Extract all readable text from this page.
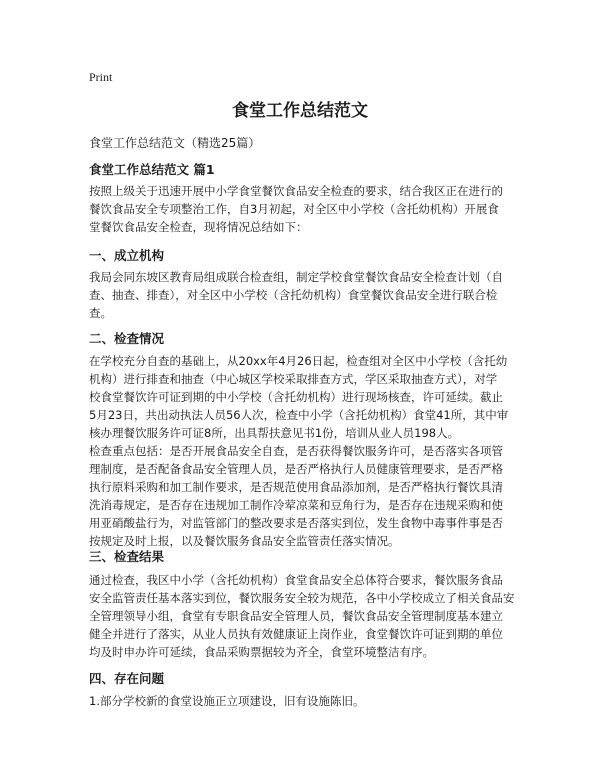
Print
食堂工作总结范文

食堂工作总结范文（精选25篇）

食堂工作总结范文 篇1

按照上级关于迅速开展中小学食堂餐饮食品安全检查的要求，结合我区正在进行的
餐饮食品安全专项整治工作，自3月初起，对全区中小学校（含托幼机构）开展食
堂餐饮食品安全检查，现将情况总结如下：

一、成立机构

我局会同东坡区教育局组成联合检查组，制定学校食堂餐饮食品安全检查计划（自
查、抽查、排查），对全区中小学校（含托幼机构）食堂餐饮食品安全进行联合检
查。

二、检查情况

在学校充分自查的基础上，从20xx年4月26日起，检查组对全区中小学校（含托幼
机构）进行排查和抽查（中心城区学校采取排查方式，学区采取抽查方式），对学
校食堂餐饮许可证到期的中小学校（含托幼机构）进行现场核查，许可延续。截止
5月23日，共出动执法人员56人次，检查中小学（含托幼机构）食堂41所，其中审
核办理餐饮服务许可证8所，出具帮扶意见书1份，培训从业人员198人。

检查重点包括：是否开展食品安全自查，是否获得餐饮服务许可，是否落实各项管
理制度，是否配备食品安全管理人员，是否严格执行人员健康管理要求，是否严格
执行原料采购和加工制作要求，是否规范使用食品添加剂，是否严格执行餐饮具清
洗消毒规定，是否存在违规加工制作冷荤凉菜和豆角行为，是否存在违规采购和使
用亚硝酸盐行为，对监管部门的整改要求是否落实到位，发生食物中毒事件事是否
按规定及时上报，以及餐饮服务食品安全监管责任落实情况。

三、检查结果

通过检查，我区中小学（含托幼机构）食堂食品安全总体符合要求，餐饮服务食品
安全监管责任基本落实到位，餐饮服务安全较为规范，各中小学校成立了相关食品安
全管理领导小组，食堂有专职食品安全管理人员，餐饮食品安全管理制度基本建立
健全并进行了落实，从业人员执有效健康证上岗作业，食堂餐饮许可证到期的单位
均及时申办许可延续，食品采购票据较为齐全，食堂环境整洁有序。

四、存在问题

1.部分学校新的食堂设施正立项建设，旧有设施陈旧。
